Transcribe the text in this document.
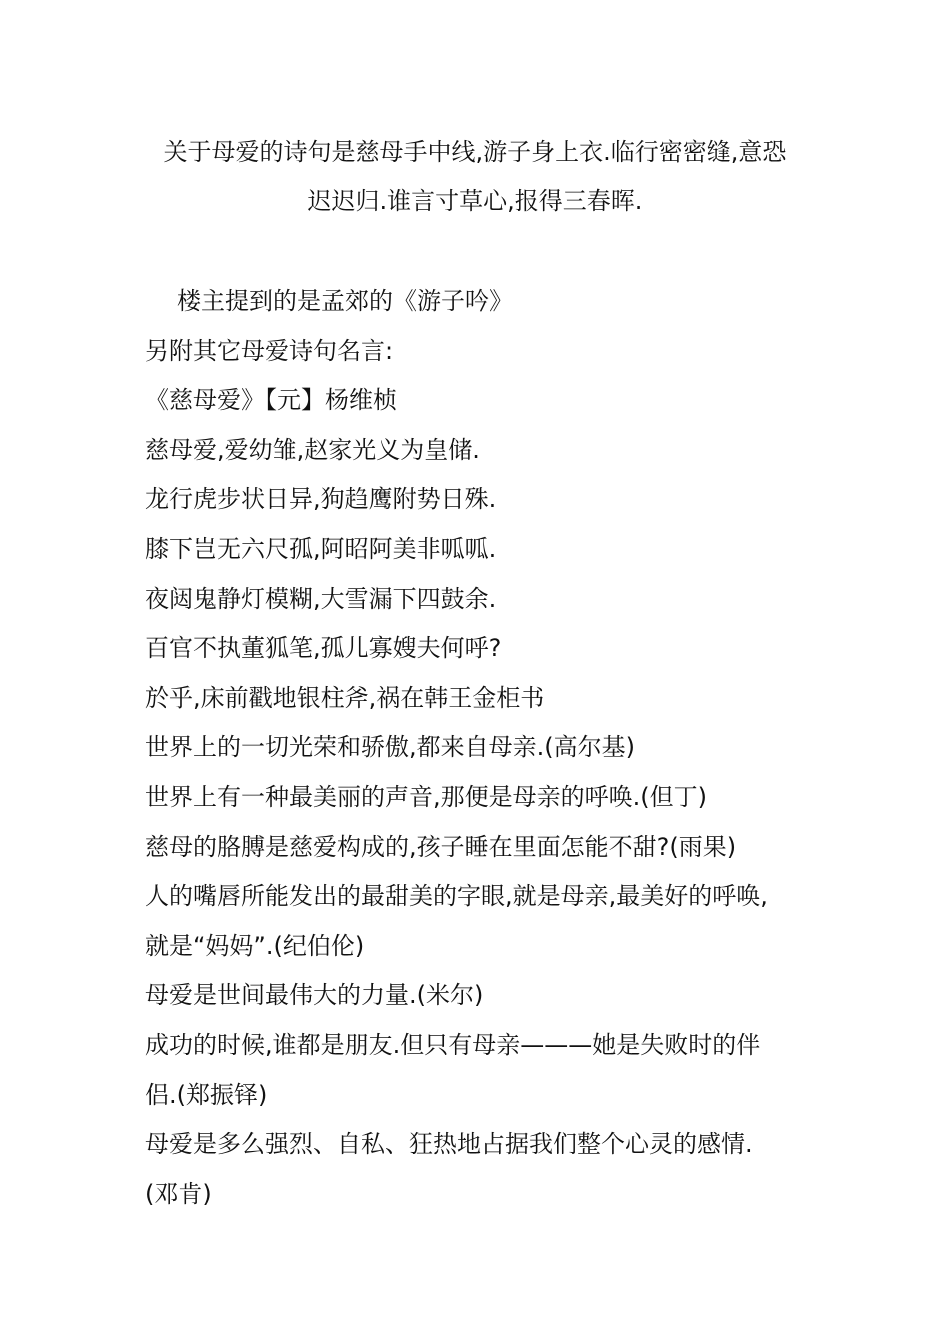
关于母爱的诗句是慈母手中线,游子身上衣.临行密密缝,意恐
迟迟归.谁言寸草心,报得三春晖.
楼主提到的是孟郊的《游子吟》
另附其它母爱诗句名言:
《慈母爱》【元】杨维桢
慈母爱,爱幼雏,赵家光义为皇储.
龙行虎步状日异,狗趋鹰附势日殊.
膝下岂无六尺孤,阿昭阿美非呱呱.
夜闼鬼静灯模糊,大雪漏下四鼓余.
百官不执董狐笔,孤儿寡嫂夫何呼?
於乎,床前戳地银柱斧,祸在韩王金柜书
世界上的一切光荣和骄傲,都来自母亲.(高尔基)
世界上有一种最美丽的声音,那便是母亲的呼唤.(但丁)
慈母的胳膊是慈爱构成的,孩子睡在里面怎能不甜?(雨果)
人的嘴唇所能发出的最甜美的字眼,就是母亲,最美好的呼唤,
就是“妈妈”.(纪伯伦)
母爱是世间最伟大的力量.(米尔)
成功的时候,谁都是朋友.但只有母亲———她是失败时的伴
侣.(郑振铎)
母爱是多么强烈、自私、狂热地占据我们整个心灵的感情.
(邓肯)
